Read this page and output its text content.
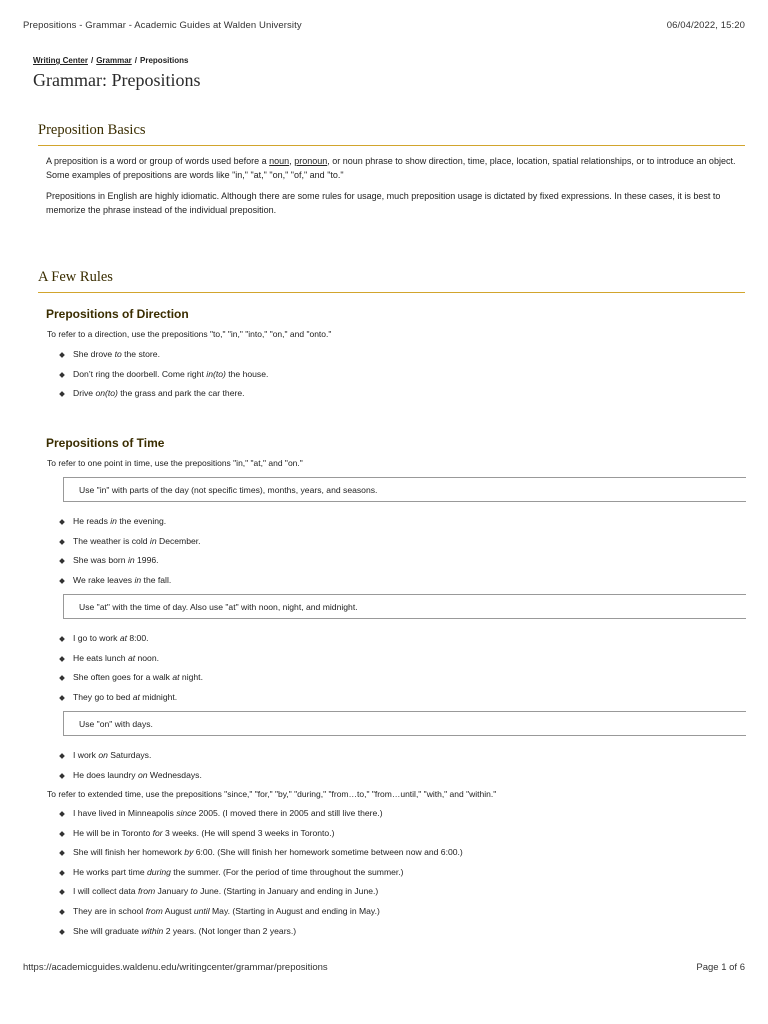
Prepositions - Grammar - Academic Guides at Walden University	06/04/2022, 15:20
Writing Center / Grammar / Prepositions
Grammar: Prepositions
Preposition Basics

A preposition is a word or group of words used before a noun, pronoun, or noun phrase to show direction, time, place, location, spatial relationships, or to introduce an object. Some examples of prepositions are words like "in," "at," "on," "of," and "to."

Prepositions in English are highly idiomatic. Although there are some rules for usage, much preposition usage is dictated by fixed expressions. In these cases, it is best to memorize the phrase instead of the individual preposition.

A Few Rules
Prepositions of Direction
To refer to a direction, use the prepositions "to," "in," "into," "on," and "onto."
She drove to the store.
Don’t ring the doorbell. Come right in(to) the house.
Drive on(to) the grass and park the car there.
Prepositions of Time
To refer to one point in time, use the prepositions "in," "at," and "on."
Use "in" with parts of the day (not specific times), months, years, and seasons.
He reads in the evening.
The weather is cold in December.
She was born in 1996.
We rake leaves in the fall.
Use "at" with the time of day. Also use "at" with noon, night, and midnight.
I go to work at 8:00.
He eats lunch at noon.
She often goes for a walk at night.
They go to bed at midnight.
Use "on" with days.
I work on Saturdays.
He does laundry on Wednesdays.
To refer to extended time, use the prepositions "since," "for," "by," "during," "from…to," "from…until," "with," and "within."
I have lived in Minneapolis since 2005. (I moved there in 2005 and still live there.)
He will be in Toronto for 3 weeks. (He will spend 3 weeks in Toronto.)
She will finish her homework by 6:00. (She will finish her homework sometime between now and 6:00.)
He works part time during the summer. (For the period of time throughout the summer.)
I will collect data from January to June. (Starting in January and ending in June.)
They are in school from August until May. (Starting in August and ending in May.)
She will graduate within 2 years. (Not longer than 2 years.)
https://academicguides.waldenu.edu/writingcenter/grammar/prepositions	Page 1 of 6
